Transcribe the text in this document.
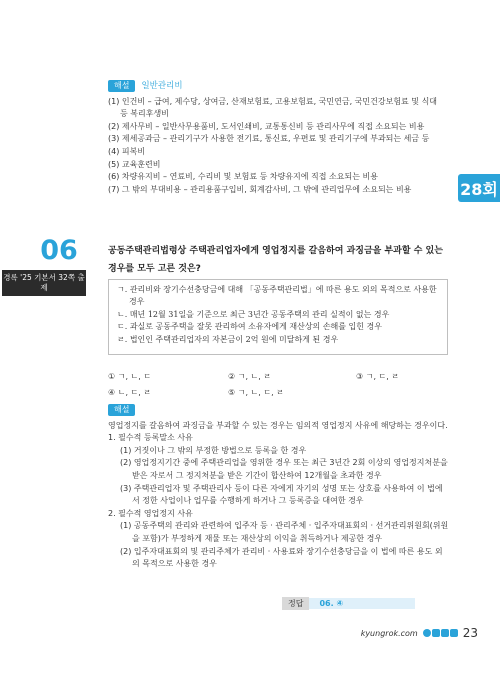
해설	일반관리비
(1) 인건비 – 급여, 제수당, 상여금, 산재보험료, 고용보험료, 국민연금, 국민건강보험료 및 식대
등 복리후생비
(2) 제사무비 – 일반사무용품비, 도서인쇄비, 교통통신비 등 관리사무에 직접 소요되는 비용
(3) 제세공과금 – 관리기구가 사용한 전기료, 통신료, 우편료 및 관리기구에 부과되는 세금 등
(4) 피복비
(5) 교육훈련비
(6) 차량유지비 – 연료비, 수리비 및 보험료 등 차량유지에 직접 소요되는 비용
(7) 그 밖의 부대비용 – 관리용품구입비, 회계감사비, 그 밖에 관리업무에 소요되는 비용	28회
06
경록 '25 기본서 32쪽 출제
공동주택관리법령상 주택관리업자에게 영업정지를 갈음하여 과징금을 부과할 수 있는
경우를 모두 고른 것은?
ㄱ. 관리비와 장기수선충당금에 대해 「공동주택관리법」에 따른 용도 외의 목적으로 사용한 경우
ㄴ. 매년 12월 31일을 기준으로 최근 3년간 공동주택의 관리 실적이 없는 경우
ㄷ. 과실로 공동주택을 잘못 관리하여 소유자에게 재산상의 손해를 입힌 경우
ㄹ. 법인인 주택관리업자의 자본금이 2억 원에 미달하게 된 경우
① ㄱ, ㄴ, ㄷ	② ㄱ, ㄴ, ㄹ	③ ㄱ, ㄷ, ㄹ
④ ㄴ, ㄷ, ㄹ	⑤ ㄱ, ㄴ, ㄷ, ㄹ
해설
영업정지를 갈음하여 과징금을 부과할 수 있는 경우는 임의적 영업정지 사유에 해당하는 경우이다.
1. 필수적 등록말소 사유
(1) 거짓이나 그 밖의 부정한 방법으로 등록을 한 경우
(2) 영업정지기간 중에 주택관리업을 영위한 경우 또는 최근 3년간 2회 이상의 영업정지처분을
받은 자로서 그 정지처분을 받은 기간이 합산하여 12개월을 초과한 경우
(3) 주택관리업자 및 주택관리사 등이 다른 자에게 자기의 성명 또는 상호를 사용하여 이 법에
서 정한 사업이나 업무를 수행하게 하거나 그 등록증을 대여한 경우
2. 필수적 영업정지 사유
(1) 공동주택의 관리와 관련하여 입주자 등 · 관리주체 · 입주자대표회의 · 선거관리위원회(위원
을 포함)가 부정하게 재물 또는 재산상의 이익을 취득하거나 제공한 경우
(2) 입주자대표회의 및 관리주체가 관리비 · 사용료와 장기수선충당금을 이 법에 따른 용도 외
의 목적으로 사용한 경우
정답	06. ④
kyungrok.com	23
